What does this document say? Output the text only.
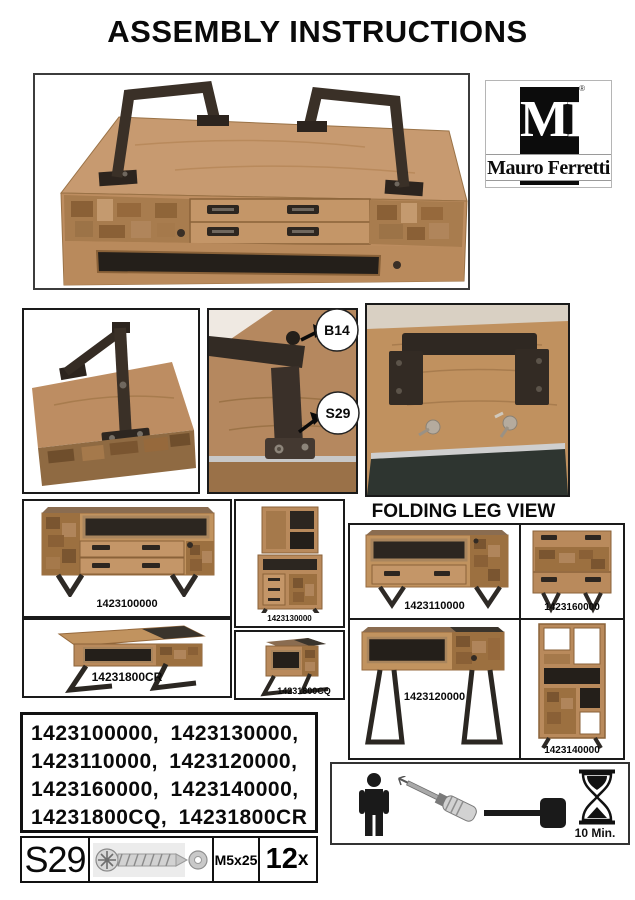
ASSEMBLY INSTRUCTIONS
MF
®
Mauro Ferretti
B14
S29
1423100000
1423130000
14231800CR
14231800CQ
FOLDING LEG VIEW
1423110000	1423160000
1423120000
1423140000
1423100000, 1423130000,
1423110000, 1423120000,
1423160000, 1423140000,
14231800CQ, 14231800CR
10 Min.
S29	M5x25 12 x
